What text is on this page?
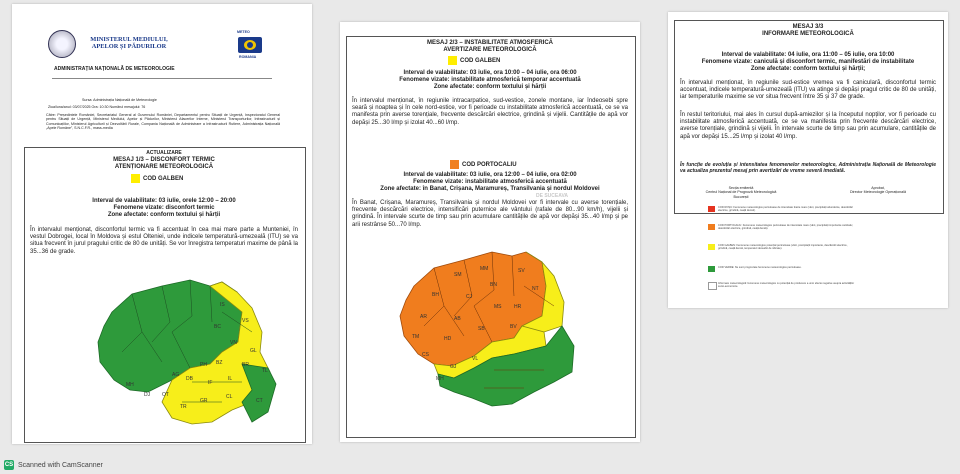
MINISTERUL MEDIULUI,
APELOR ȘI PĂDURILOR
ADMINISTRAȚIA NAȚIONALĂ DE METEOROLOGIE
METEO
ROMANIA
Sursa: Administrația Națională de Meteorologie
Ziua/luna/anul: 03/07/2025 Ora: 10:30 Numărul mesajului: 76
Către: Președintele României, Secretariatul General al Guvernului României, Departamentul pentru Situații de Urgență, Inspectoratul General pentru Situații de Urgență, Ministerul Mediului, Apelor și Pădurilor, Ministerul Afacerilor Interne, Ministerul Transporturilor, Infrastructurii și Comunicațiilor, Ministerul Agriculturii și Dezvoltării Rurale, Compania Națională de Administrare a Infrastructurii Rutiere, Administrația Națională „Apele Române”, S.N.C.F.R., mass-media
ACTUALIZARE
MESAJ 1/3 – DISCONFORT TERMIC
ATENȚIONARE METEOROLOGICĂ
COD GALBEN
Interval de valabilitate: 03 iulie, orele 12:00 – 20:00
Fenomene vizate: disconfort termic
Zone afectate: conform textului și hărții
În intervalul menționat, disconfortul termic va fi accentuat în cea mai mare parte a Munteniei, în vestul Dobrogei, local în Moldova și estul Olteniei, unde indicele temperatură-umezeală (ITU) se va situa frecvent în jurul pragului critic de 80 de unități. Se vor înregistra temperaturi maxime de până la 35...36 de grade.
IS
VS
BC
VN
GL
BR
TL
IL
CL
CT
BZ
PH
DB
GR
TR
AG
OT
DJ
MH	IF
MESAJ 2/3 – INSTABILITATE ATMOSFERICĂ
AVERTIZARE METEOROLOGICĂ
COD GALBEN
Interval de valabilitate: 03 iulie, ora 10:00 – 04 iulie, ora 06:00
Fenomene vizate: instabilitate atmosferică temporar accentuată
Zone afectate: conform textului și hărții
În intervalul menționat, în regiunile intracarpatice, sud-vestice, zonele montane, iar îndeosebi spre seară și noaptea și în cele nord-estice, vor fi perioade cu instabilitate atmosferică accentuată, ce se va manifesta prin averse torențiale, frecvente descărcări electrice, grindină și vijelii. Cantitățile de apă vor depăși 25...30 l/mp și izolat 40...60 l/mp.
COD PORTOCALIU
Interval de valabilitate: 03 iulie, ora 12:00 – 04 iulie, ora 02:00
Fenomene vizate: instabilitate atmosferică accentuată
Zone afectate: în Banat, Crișana, Maramureș, Transilvania și nordul Moldovei
DE SUCEAVA
În Banat, Crișana, Maramureș, Transilvania și nordul Moldovei vor fi intervale cu averse torențiale, frecvente descărcări electrice, intensificări puternice ale vântului (rafale de 80...90 km/h), vijelii și grindină. În intervale scurte de timp sau prin acumulare cantitățile de apă vor depăși 35...40 l/mp și pe arii restrânse 50...70 l/mp.
SM
MM	SV
BN
BH	CJ
MS	HR
NT
AR	AB
BV
TM	HD
SB
CS
GJ
VL
MH
MESAJ 3/3
INFORMARE METEOROLOGICĂ
Interval de valabilitate: 04 iulie, ora 11:00 – 05 iulie, ora 10:00
Fenomene vizate: caniculă și disconfort termic, manifestări de instabilitate
Zone afectate: conform textului și hărții;
În intervalul menționat, în regiunile sud-estice vremea va fi caniculară, disconfortul termic accentuat, indicele temperatură-umezeală (ITU) va atinge și depăși pragul critic de 80 de unități, iar temperaturile maxime se vor situa frecvent între 35 și 37 de grade.
În restul teritoriului, mai ales în cursul după-amiezilor și la începutul nopților, vor fi perioade cu instabilitate atmosferică accentuată, ce se va manifesta prin frecvente descărcări electrice, averse torențiale, grindină și vijelii. În intervale scurte de timp sau prin acumulare, cantitățile de apă vor depăși 15...25 l/mp și izolat 40 l/mp.
În funcție de evoluția și intensitatea fenomenelor meteorologice, Administrația Națională de Meteorologie va actualiza prezentul mesaj prin avertizări de vreme severă imediată.
Secția emitentă
Centrul Național de Prognoză Meteorologică
București
Aprobat,
Director Meteorologie Operațională
COD ROȘU: Fenomene meteorologice periculoase de intensitate foarte mare (vânt, precipitații abundente, descărcări electrice, grindină, ceață densă).
COD PORTOCALIU: Fenomene meteorologice periculoase de intensitate mare (vânt, precipitații importante cantitativ, descărcări electrice, grindină, ceață densă).
COD GALBEN: Fenomene meteorologice potențial periculoase (vânt, precipitații importante, descărcări electrice, grindină, ceață densă, temperaturi deosebit de ridicate).
COD VERDE: Nu sunt prognozate fenomene meteorologice periculoase.
Informare meteorologică: fenomene meteorologice cu potențial de producere a unor efecte negative asupra activităților socio-economice.
CS Scanned with CamScanner
